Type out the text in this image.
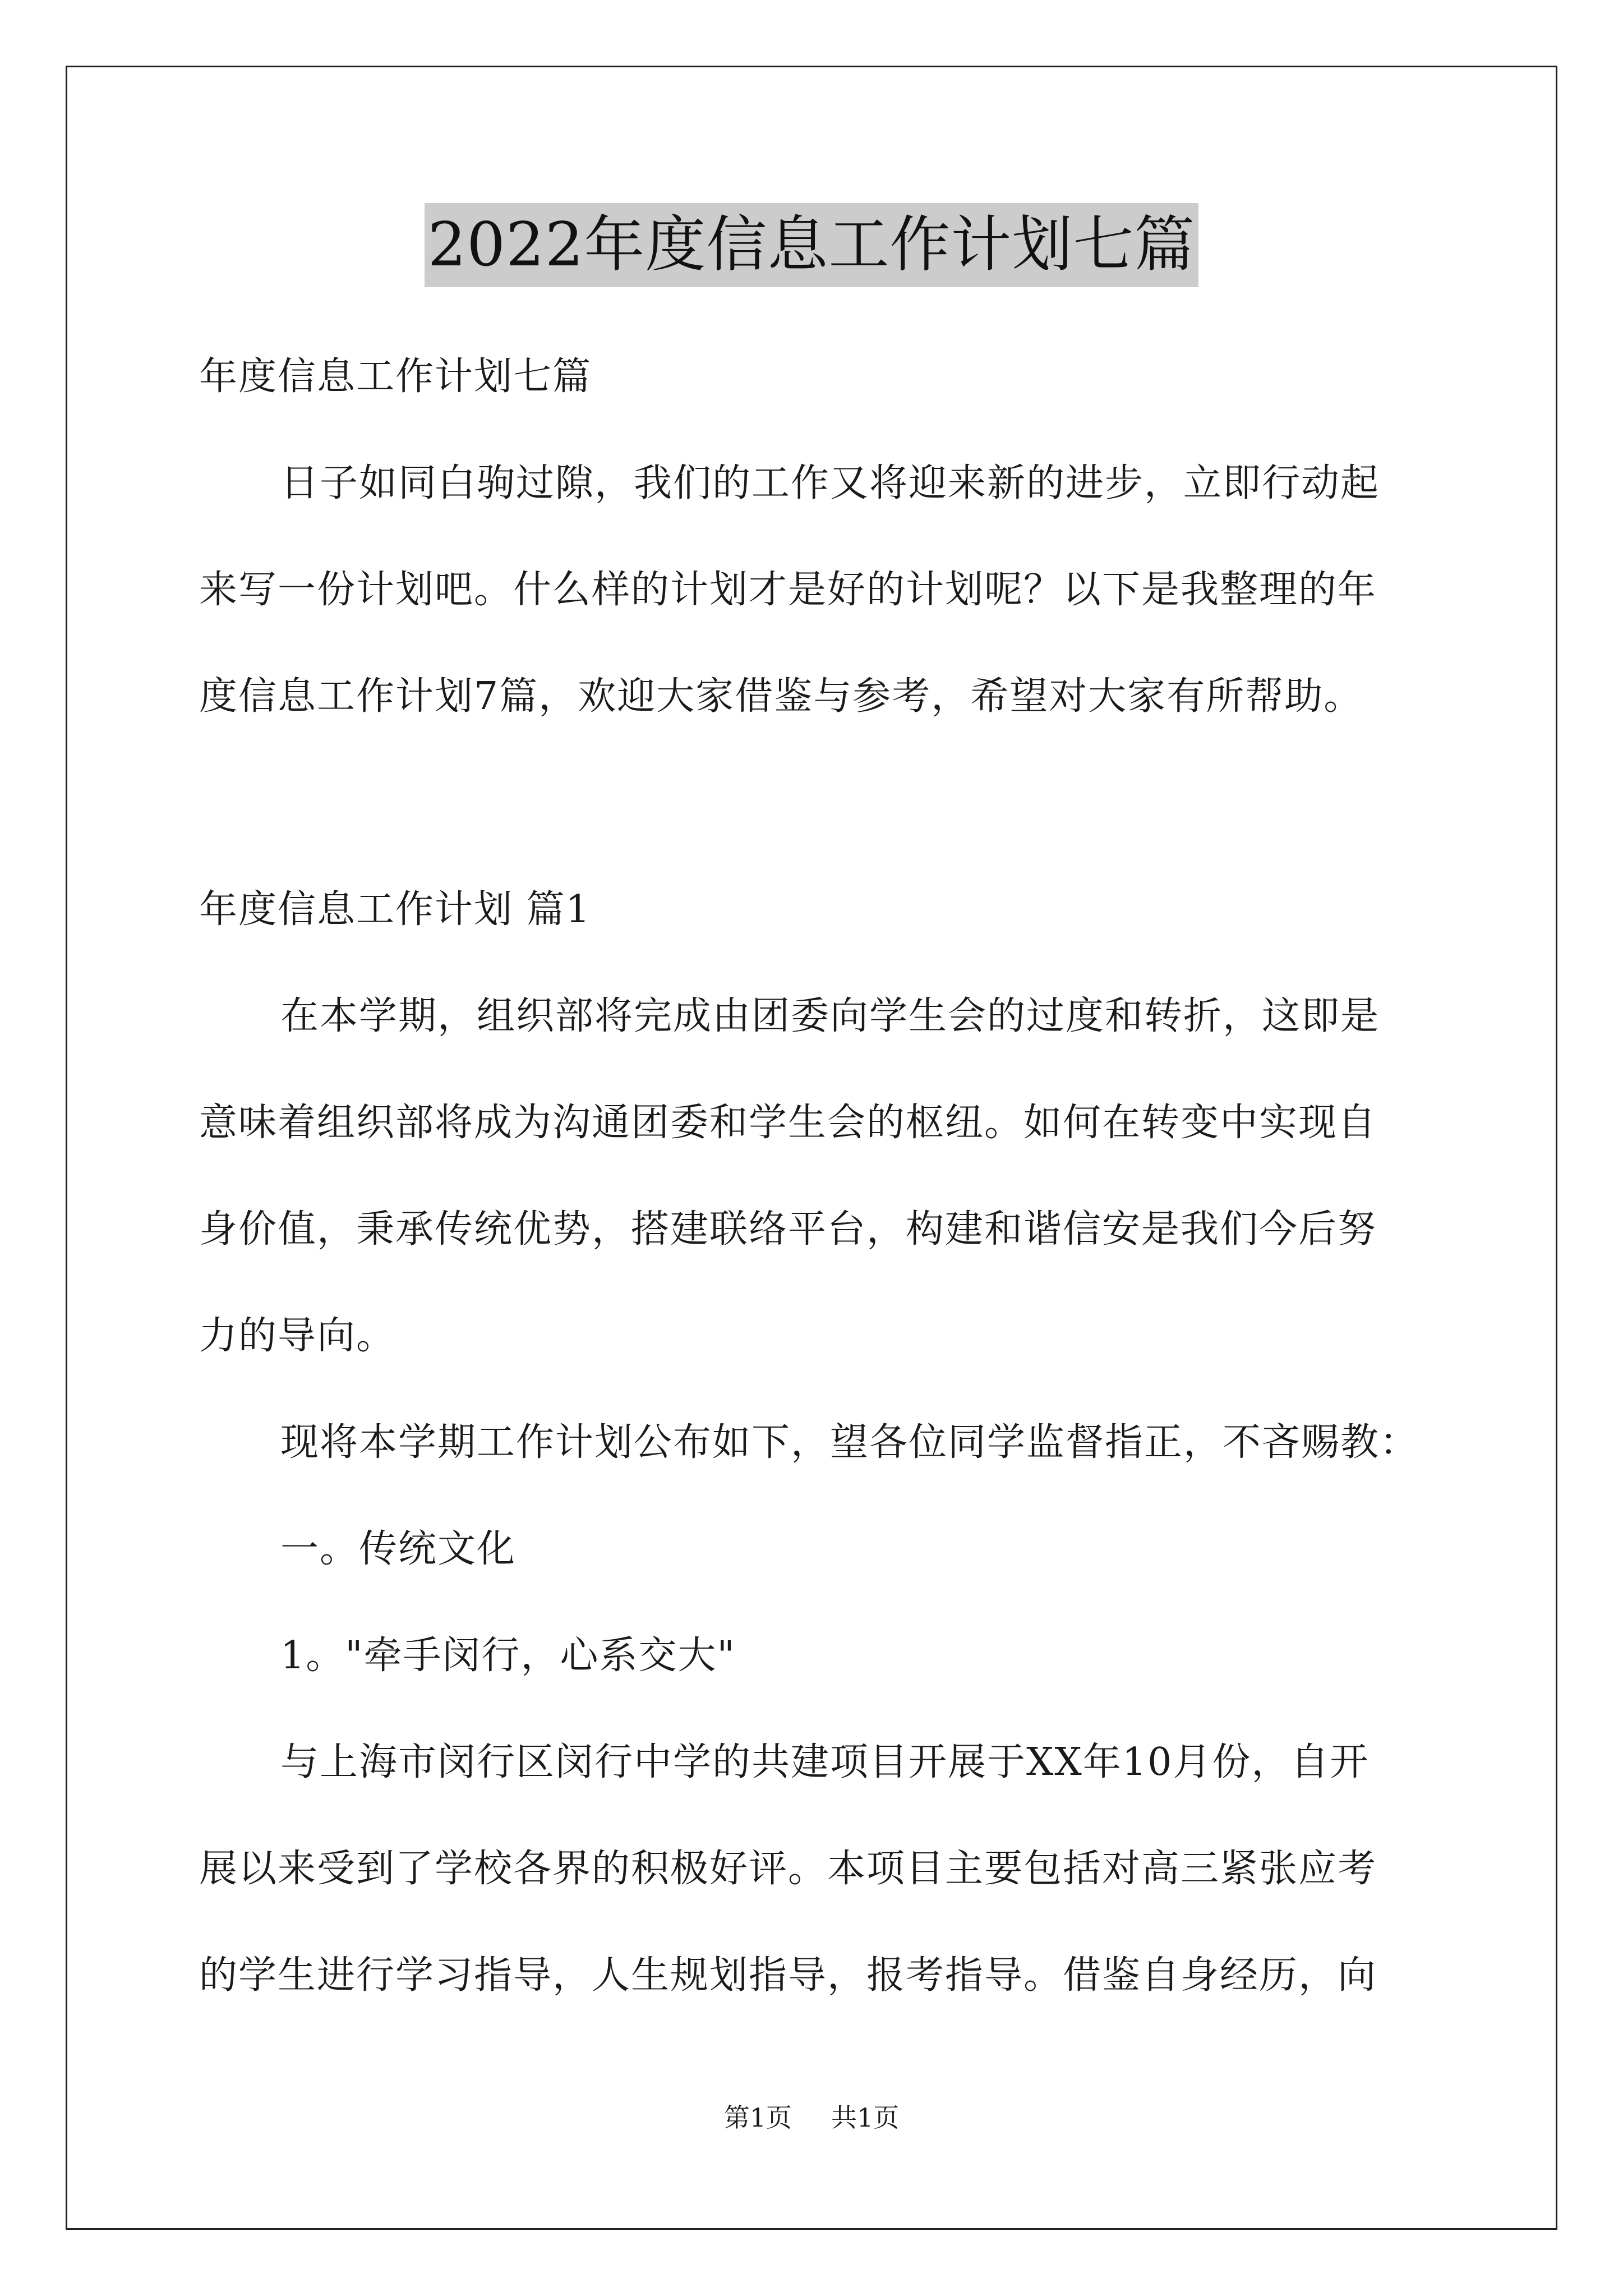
2022年度信息工作计划七篇
年度信息工作计划七篇
日子如同白驹过隙，我们的工作又将迎来新的进步，立即行动起
来写一份计划吧。什么样的计划才是好的计划呢？以下是我整理的年
度信息工作计划7篇，欢迎大家借鉴与参考，希望对大家有所帮助。
年度信息工作计划 篇1
在本学期，组织部将完成由团委向学生会的过度和转折，这即是
意味着组织部将成为沟通团委和学生会的枢纽。如何在转变中实现自
身价值，秉承传统优势，搭建联络平台，构建和谐信安是我们今后努
力的导向。
现将本学期工作计划公布如下，望各位同学监督指正，不吝赐教：
一。传统文化
1。"牵手闵行，心系交大"
与上海市闵行区闵行中学的共建项目开展于XX年10月份，自开
展以来受到了学校各界的积极好评。本项目主要包括对高三紧张应考
的学生进行学习指导，人生规划指导，报考指导。借鉴自身经历，向
第1页 共1页
